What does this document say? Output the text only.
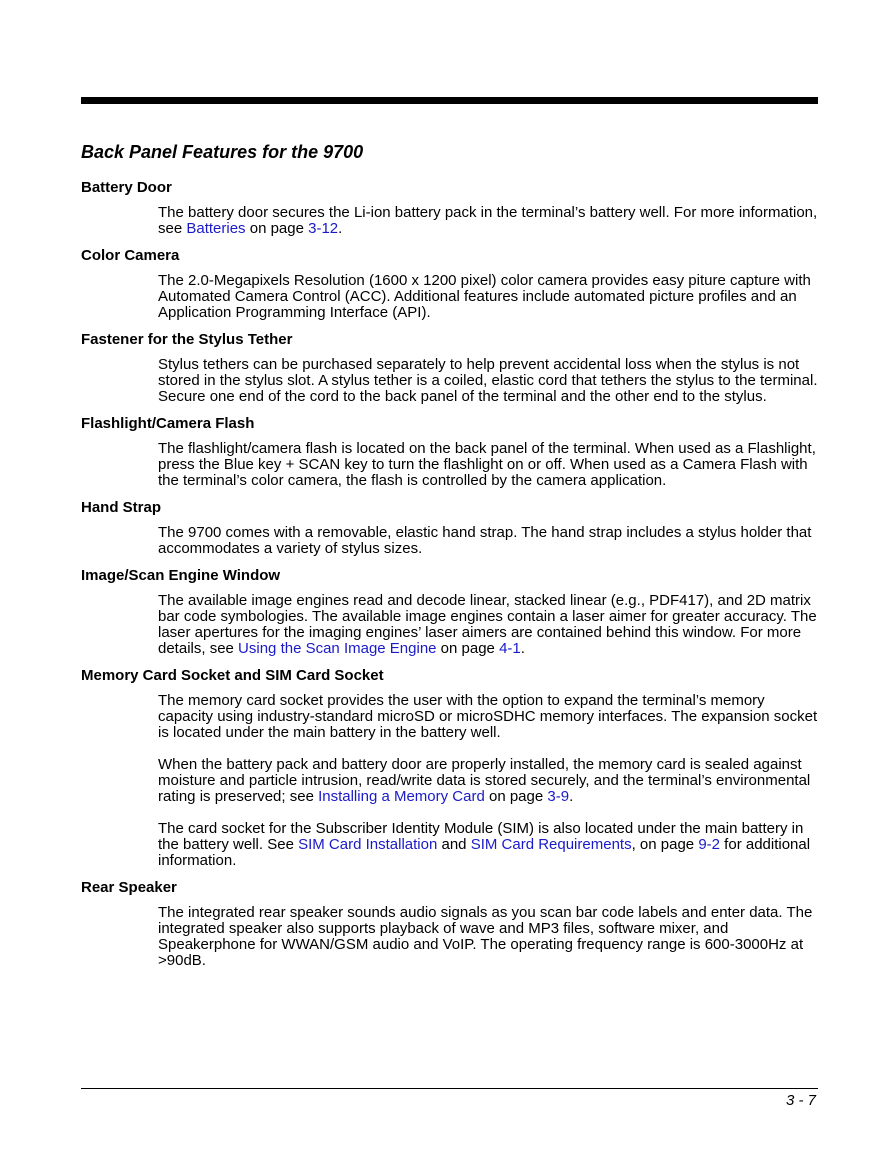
Back Panel Features for the 9700
Battery Door

The battery door secures the Li-ion battery pack in the terminal’s battery well. For more information, see Batteries on page 3-12.

Color Camera

The 2.0-Megapixels Resolution (1600 x 1200 pixel) color camera provides easy piture capture with Automated Camera Control (ACC). Additional features include automated picture profiles and an Application Programming Interface (API).

Fastener for the Stylus Tether

Stylus tethers can be purchased separately to help prevent accidental loss when the stylus is not stored in the stylus slot. A stylus tether is a coiled, elastic cord that tethers the stylus to the terminal. Secure one end of the cord to the back panel of the terminal and the other end to the stylus.

Flashlight/Camera Flash

The flashlight/camera flash is located on the back panel of the terminal. When used as a Flashlight, press the Blue key + SCAN key to turn the flashlight on or off. When used as a Camera Flash with the terminal’s color camera, the flash is controlled by the camera application.

Hand Strap

The 9700 comes with a removable, elastic hand strap. The hand strap includes a stylus holder that accommodates a variety of stylus sizes.

Image/Scan Engine Window

The available image engines read and decode linear, stacked linear (e.g., PDF417), and 2D matrix bar code symbologies. The available image engines contain a laser aimer for greater accuracy. The laser apertures for the imaging engines’ laser aimers are contained behind this window. For more details, see Using the Scan Image Engine on page 4-1.

Memory Card Socket and SIM Card Socket

The memory card socket provides the user with the option to expand the terminal’s memory capacity using industry-standard microSD or microSDHC memory interfaces. The expansion socket is located under the main battery in the battery well.

When the battery pack and battery door are properly installed, the memory card is sealed against moisture and particle intrusion, read/write data is stored securely, and the terminal’s environmental rating is preserved; see Installing a Memory Card on page 3-9.

The card socket for the Subscriber Identity Module (SIM) is also located under the main battery in the battery well. See SIM Card Installation and SIM Card Requirements, on page 9-2 for additional information.

Rear Speaker

The integrated rear speaker sounds audio signals as you scan bar code labels and enter data. The integrated speaker also supports playback of wave and MP3 files, software mixer, and Speakerphone for WWAN/GSM audio and VoIP. The operating frequency range is 600-3000Hz at >90dB.

3 - 7
